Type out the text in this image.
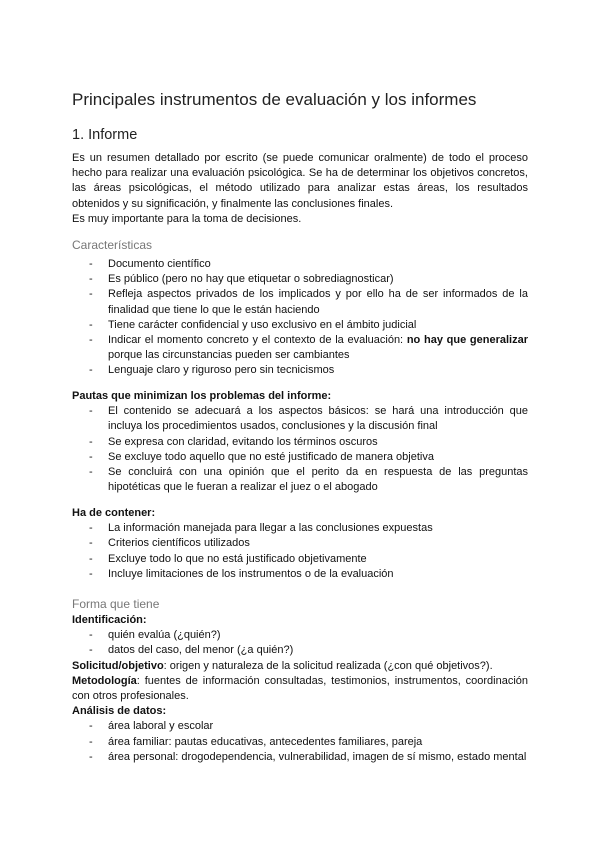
Principales instrumentos de evaluación y los informes
1. Informe

Es un resumen detallado por escrito (se puede comunicar oralmente) de todo el proceso hecho para realizar una evaluación psicológica. Se ha de determinar los objetivos concretos, las áreas psicológicas, el método utilizado para analizar estas áreas, los resultados obtenidos y su significación, y finalmente las conclusiones finales.

Es muy importante para la toma de decisiones.

Características
- Documento científico
- Es público (pero no hay que etiquetar o sobrediagnosticar)
- Refleja aspectos privados de los implicados y por ello ha de ser informados de la finalidad que tiene lo que le están haciendo
- Tiene carácter confidencial y uso exclusivo en el ámbito judicial
- Indicar el momento concreto y el contexto de la evaluación: no hay que generalizar porque las circunstancias pueden ser cambiantes
- Lenguaje claro y riguroso pero sin tecnicismos

Pautas que minimizan los problemas del informe:

- El contenido se adecuará a los aspectos básicos: se hará una introducción que incluya los procedimientos usados, conclusiones y la discusión final
- Se expresa con claridad, evitando los términos oscuros
- Se excluye todo aquello que no esté justificado de manera objetiva
- Se concluirá con una opinión que el perito da en respuesta de las preguntas hipotéticas que le fueran a realizar el juez o el abogado

Ha de contener:

- La información manejada para llegar a las conclusiones expuestas
- Criterios científicos utilizados
- Excluye todo lo que no está justificado objetivamente
- Incluye limitaciones de los instrumentos o de la evaluación
Forma que tiene

Identificación:

- quién evalúa (¿quién?)
- datos del caso, del menor (¿a quién?)

Solicitud/objetivo: origen y naturaleza de la solicitud realizada (¿con qué objetivos?).

Metodología: fuentes de información consultadas, testimonios, instrumentos, coordinación con otros profesionales.

Análisis de datos:

- área laboral y escolar
- área familiar: pautas educativas, antecedentes familiares, pareja
- área personal: drogodependencia, vulnerabilidad, imagen de sí mismo, estado mental
